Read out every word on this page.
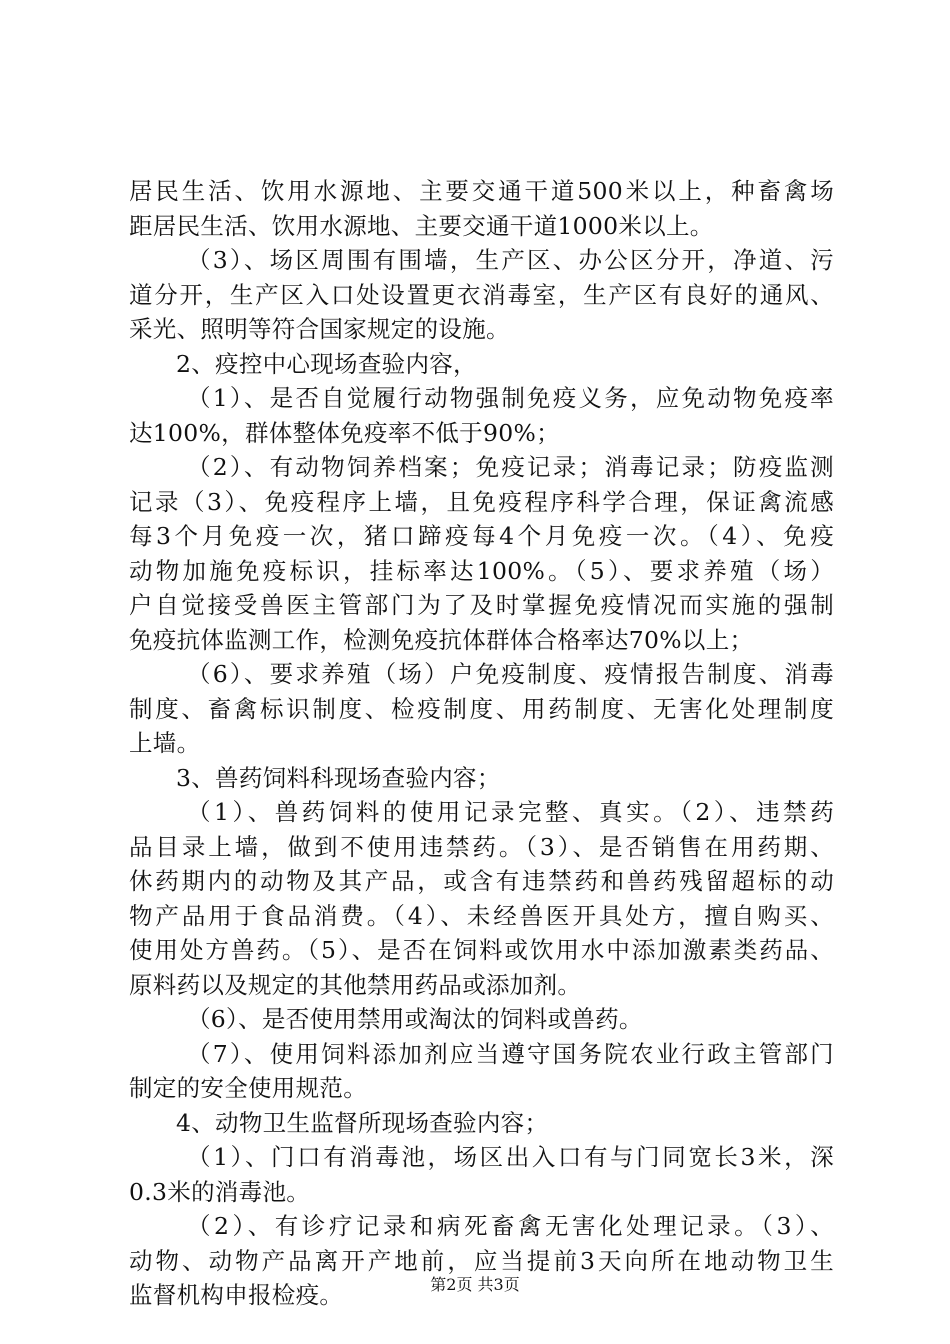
居民生活、饮用水源地、主要交通干道500米以上，种畜禽场
距居民生活、饮用水源地、主要交通干道1000米以上。
（3）、场区周围有围墙，生产区、办公区分开，净道、污
道分开，生产区入口处设置更衣消毒室，生产区有良好的通风、
采光、照明等符合国家规定的设施。
2、疫控中心现场查验内容，
（1）、是否自觉履行动物强制免疫义务，应免动物免疫率
达100%，群体整体免疫率不低于90%；
（2）、有动物饲养档案；免疫记录；消毒记录；防疫监测
记录（3）、免疫程序上墙，且免疫程序科学合理，保证禽流感
每3个月免疫一次，猪口蹄疫每4个月免疫一次。（4）、免疫
动物加施免疫标识，挂标率达100%。（5）、要求养殖（场）
户自觉接受兽医主管部门为了及时掌握免疫情况而实施的强制
免疫抗体监测工作，检测免疫抗体群体合格率达70%以上；
（6）、要求养殖（场）户免疫制度、疫情报告制度、消毒
制度、畜禽标识制度、检疫制度、用药制度、无害化处理制度
上墙。
3、兽药饲料科现场查验内容；
（1）、兽药饲料的使用记录完整、真实。（2）、违禁药
品目录上墙，做到不使用违禁药。（3）、是否销售在用药期、
休药期内的动物及其产品，或含有违禁药和兽药残留超标的动
物产品用于食品消费。（4）、未经兽医开具处方，擅自购买、
使用处方兽药。（5）、是否在饲料或饮用水中添加激素类药品、
原料药以及规定的其他禁用药品或添加剂。
（6）、是否使用禁用或淘汰的饲料或兽药。
（7）、使用饲料添加剂应当遵守国务院农业行政主管部门
制定的安全使用规范。
4、动物卫生监督所现场查验内容；
（1）、门口有消毒池，场区出入口有与门同宽长3米，深
0.3米的消毒池。
（2）、有诊疗记录和病死畜禽无害化处理记录。（3）、
动物、动物产品离开产地前，应当提前3天向所在地动物卫生
监督机构申报检疫。	第2页 共3页
